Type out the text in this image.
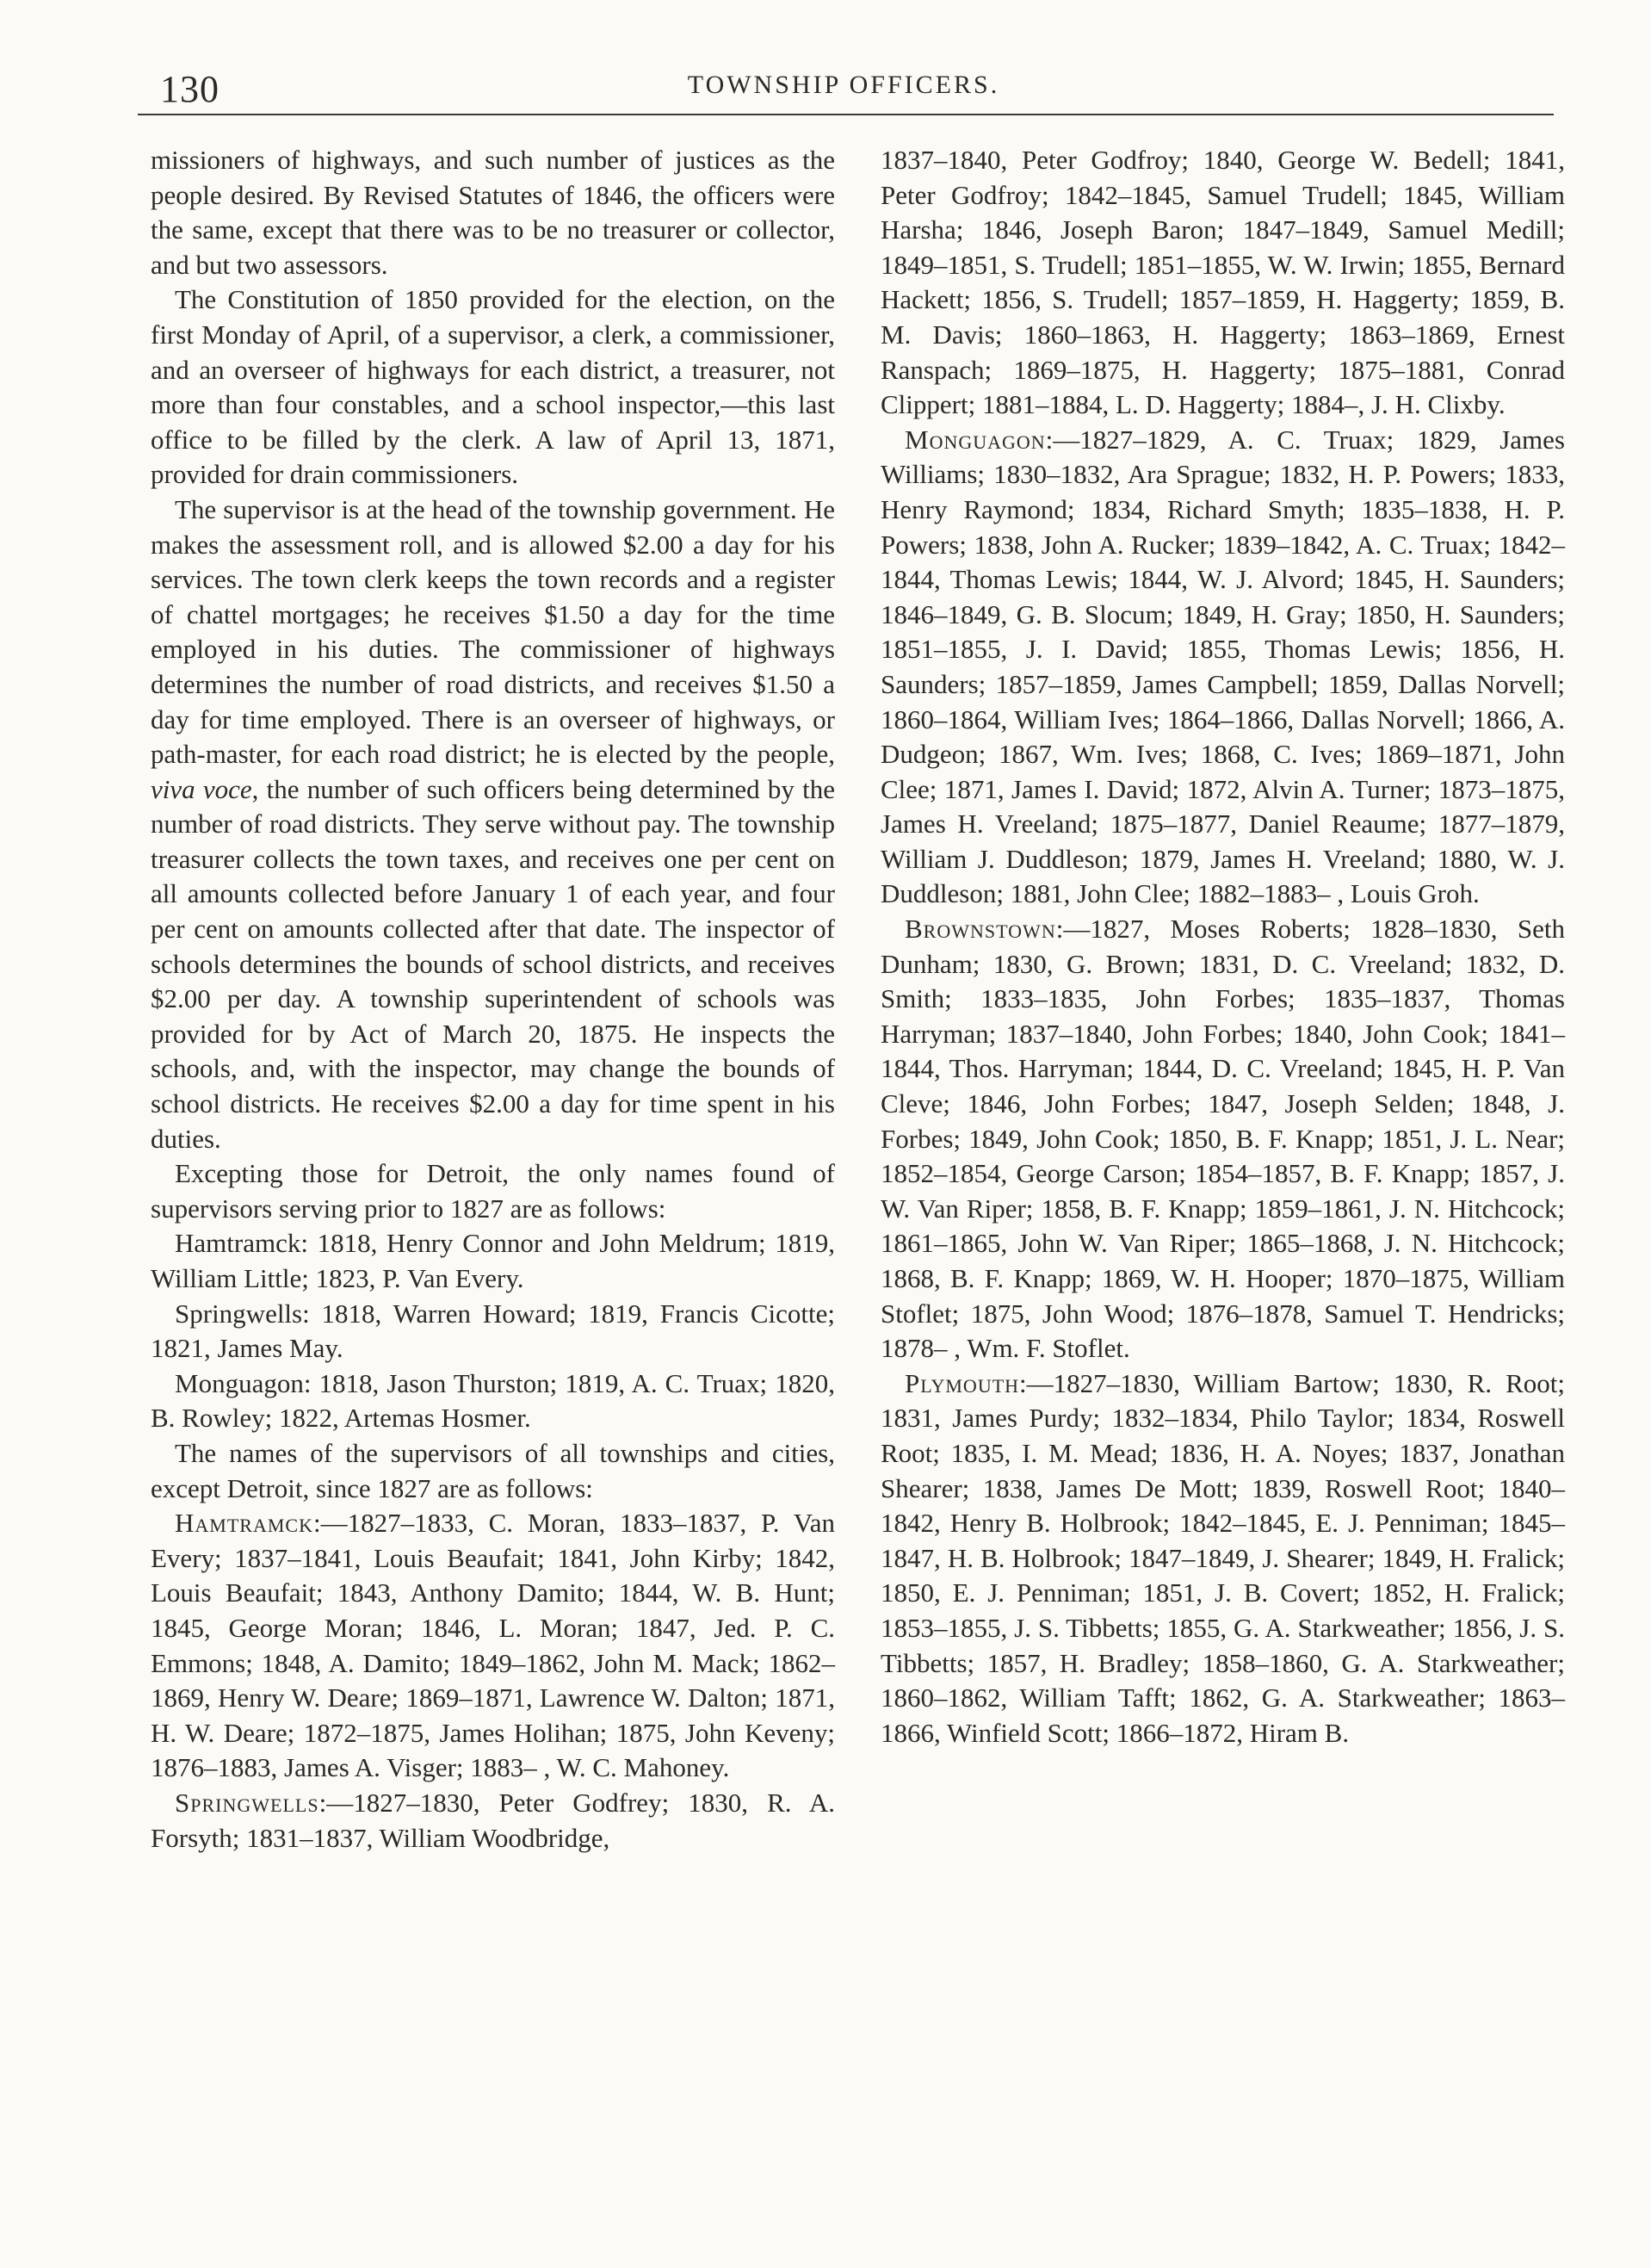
130	TOWNSHIP OFFICERS.

missioners of highways, and such number of justices as the people desired. By Revised Statutes of 1846, the officers were the same, except that there was to be no treasurer or collector, and but two assessors.

The Constitution of 1850 provided for the election, on the first Monday of April, of a supervisor, a clerk, a commissioner, and an overseer of highways for each district, a treasurer, not more than four constables, and a school inspector,—this last office to be filled by the clerk. A law of April 13, 1871, provided for drain commissioners.

The supervisor is at the head of the township government. He makes the assessment roll, and is allowed $2.00 a day for his services. The town clerk keeps the town records and a register of chattel mortgages; he receives $1.50 a day for the time employed in his duties. The commissioner of highways determines the number of road districts, and receives $1.50 a day for time employed. There is an overseer of highways, or path-master, for each road district; he is elected by the people, viva voce, the number of such officers being determined by the number of road districts. They serve without pay. The township treasurer collects the town taxes, and receives one per cent on all amounts collected before January 1 of each year, and four per cent on amounts collected after that date. The inspector of schools determines the bounds of school districts, and receives $2.00 per day. A township superintendent of schools was provided for by Act of March 20, 1875. He inspects the schools, and, with the inspector, may change the bounds of school districts. He receives $2.00 a day for time spent in his duties.

Excepting those for Detroit, the only names found of supervisors serving prior to 1827 are as follows:

Hamtramck: 1818, Henry Connor and John Meldrum; 1819, William Little; 1823, P. Van Every.

Springwells: 1818, Warren Howard; 1819, Francis Cicotte; 1821, James May.

Monguagon: 1818, Jason Thurston; 1819, A. C. Truax; 1820, B. Rowley; 1822, Artemas Hosmer.

The names of the supervisors of all townships and cities, except Detroit, since 1827 are as follows:

Hamtramck:—1827–1833, C. Moran, 1833–1837, P. Van Every; 1837–1841, Louis Beaufait; 1841, John Kirby; 1842, Louis Beaufait; 1843, Anthony Damito; 1844, W. B. Hunt; 1845, George Moran; 1846, L. Moran; 1847, Jed. P. C. Emmons; 1848, A. Damito; 1849–1862, John M. Mack; 1862–1869, Henry W. Deare; 1869–1871, Lawrence W. Dalton; 1871, H. W. Deare; 1872–1875, James Holihan; 1875, John Keveny; 1876–1883, James A. Visger; 1883– , W. C. Mahoney.

Springwells:—1827–1830, Peter Godfrey; 1830, R. A. Forsyth; 1831–1837, William Woodbridge,

1837–1840, Peter Godfroy; 1840, George W. Bedell; 1841, Peter Godfroy; 1842–1845, Samuel Trudell; 1845, William Harsha; 1846, Joseph Baron; 1847–1849, Samuel Medill; 1849–1851, S. Trudell; 1851–1855, W. W. Irwin; 1855, Bernard Hackett; 1856, S. Trudell; 1857–1859, H. Haggerty; 1859, B. M. Davis; 1860–1863, H. Haggerty; 1863–1869, Ernest Ranspach; 1869–1875, H. Haggerty; 1875–1881, Conrad Clippert; 1881–1884, L. D. Haggerty; 1884–, J. H. Clixby.

Monguagon:—1827–1829, A. C. Truax; 1829, James Williams; 1830–1832, Ara Sprague; 1832, H. P. Powers; 1833, Henry Raymond; 1834, Richard Smyth; 1835–1838, H. P. Powers; 1838, John A. Rucker; 1839–1842, A. C. Truax; 1842–1844, Thomas Lewis; 1844, W. J. Alvord; 1845, H. Saunders; 1846–1849, G. B. Slocum; 1849, H. Gray; 1850, H. Saunders; 1851–1855, J. I. David; 1855, Thomas Lewis; 1856, H. Saunders; 1857–1859, James Campbell; 1859, Dallas Norvell; 1860–1864, William Ives; 1864–1866, Dallas Norvell; 1866, A. Dudgeon; 1867, Wm. Ives; 1868, C. Ives; 1869–1871, John Clee; 1871, James I. David; 1872, Alvin A. Turner; 1873–1875, James H. Vreeland; 1875–1877, Daniel Reaume; 1877–1879, William J. Duddleson; 1879, James H. Vreeland; 1880, W. J. Duddleson; 1881, John Clee; 1882–1883– , Louis Groh.

Brownstown:—1827, Moses Roberts; 1828–1830, Seth Dunham; 1830, G. Brown; 1831, D. C. Vreeland; 1832, D. Smith; 1833–1835, John Forbes; 1835–1837, Thomas Harryman; 1837–1840, John Forbes; 1840, John Cook; 1841–1844, Thos. Harryman; 1844, D. C. Vreeland; 1845, H. P. Van Cleve; 1846, John Forbes; 1847, Joseph Selden; 1848, J. Forbes; 1849, John Cook; 1850, B. F. Knapp; 1851, J. L. Near; 1852–1854, George Carson; 1854–1857, B. F. Knapp; 1857, J. W. Van Riper; 1858, B. F. Knapp; 1859–1861, J. N. Hitchcock; 1861–1865, John W. Van Riper; 1865–1868, J. N. Hitchcock; 1868, B. F. Knapp; 1869, W. H. Hooper; 1870–1875, William Stoflet; 1875, John Wood; 1876–1878, Samuel T. Hendricks; 1878– , Wm. F. Stoflet.

Plymouth:—1827–1830, William Bartow; 1830, R. Root; 1831, James Purdy; 1832–1834, Philo Taylor; 1834, Roswell Root; 1835, I. M. Mead; 1836, H. A. Noyes; 1837, Jonathan Shearer; 1838, James De Mott; 1839, Roswell Root; 1840–1842, Henry B. Holbrook; 1842–1845, E. J. Penniman; 1845–1847, H. B. Holbrook; 1847–1849, J. Shearer; 1849, H. Fralick; 1850, E. J. Penniman; 1851, J. B. Covert; 1852, H. Fralick; 1853–1855, J. S. Tibbetts; 1855, G. A. Starkweather; 1856, J. S. Tibbetts; 1857, H. Bradley; 1858–1860, G. A. Starkweather; 1860–1862, William Tafft; 1862, G. A. Starkweather; 1863–1866, Winfield Scott; 1866–1872, Hiram B.
